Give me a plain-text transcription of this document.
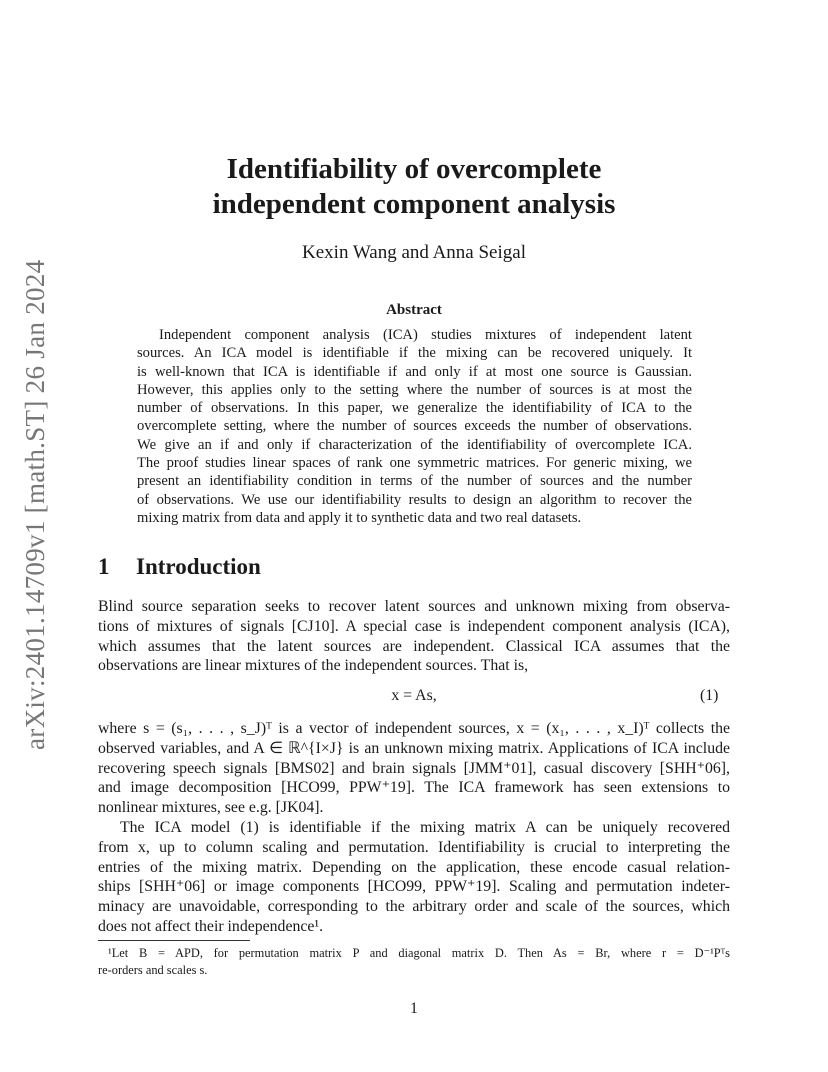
arXiv:2401.14709v1 [math.ST] 26 Jan 2024
Identifiability of overcomplete
independent component analysis
Kexin Wang and Anna Seigal
Abstract
Independent component analysis (ICA) studies mixtures of independent latent
sources. An ICA model is identifiable if the mixing can be recovered uniquely. It
is well-known that ICA is identifiable if and only if at most one source is Gaussian.
However, this applies only to the setting where the number of sources is at most the
number of observations. In this paper, we generalize the identifiability of ICA to the
overcomplete setting, where the number of sources exceeds the number of observations.
We give an if and only if characterization of the identifiability of overcomplete ICA.
The proof studies linear spaces of rank one symmetric matrices. For generic mixing, we
present an identifiability condition in terms of the number of sources and the number
of observations. We use our identifiability results to design an algorithm to recover the
mixing matrix from data and apply it to synthetic data and two real datasets.
1 Introduction
Blind source separation seeks to recover latent sources and unknown mixing from observa-
tions of mixtures of signals [CJ10]. A special case is independent component analysis (ICA),
which assumes that the latent sources are independent. Classical ICA assumes that the
observations are linear mixtures of the independent sources. That is,
x = As,	(1)
where s = (s₁, . . . , s_J)ᵀ is a vector of independent sources, x = (x₁, . . . , x_I)ᵀ collects the
observed variables, and A ∈ ℝ^{I×J} is an unknown mixing matrix. Applications of ICA include
recovering speech signals [BMS02] and brain signals [JMM⁺01], casual discovery [SHH⁺06],
and image decomposition [HCO99, PPW⁺19]. The ICA framework has seen extensions to
nonlinear mixtures, see e.g. [JK04].
The ICA model (1) is identifiable if the mixing matrix A can be uniquely recovered
from x, up to column scaling and permutation. Identifiability is crucial to interpreting the
entries of the mixing matrix. Depending on the application, these encode casual relation-
ships [SHH⁺06] or image components [HCO99, PPW⁺19]. Scaling and permutation indeter-
minacy are unavoidable, corresponding to the arbitrary order and scale of the sources, which
does not affect their independence¹.
¹Let B = APD, for permutation matrix P and diagonal matrix D. Then As = Br, where r = D⁻¹Pᵀs
re-orders and scales s.
1
